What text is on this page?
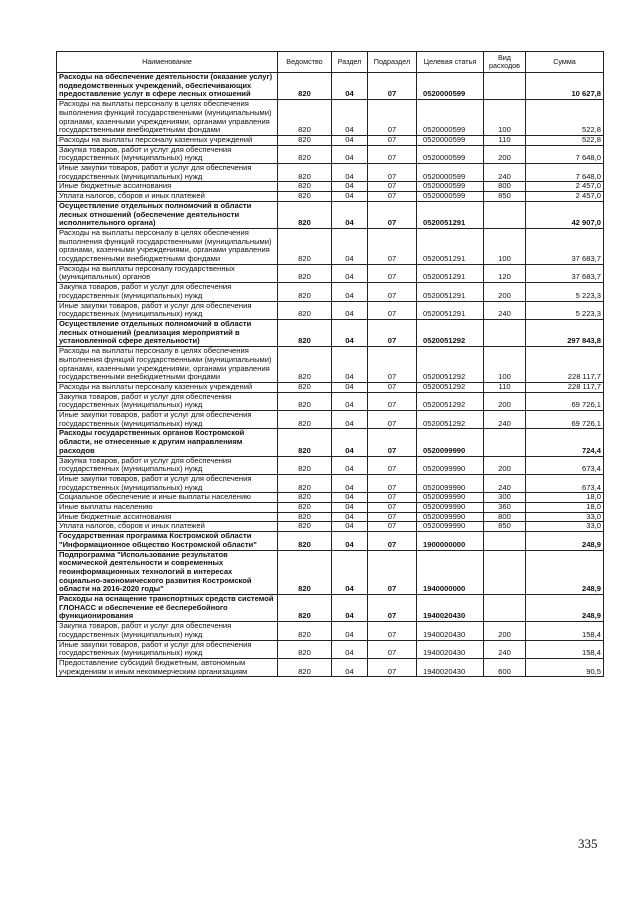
Наименование	Ведомство	Раздел	Подраздел	Целевая статья	Вид расходов	Сумма
Расходы на обеспечение деятельности (оказание услуг) подведомственных учреждений, обеспечивающих предоставление услуг в сфере лесных отношений	820	04	07	0520000599		10 627,8
Расходы на выплаты персоналу в целях обеспечения выполнения функций государственными (муниципальными) органами, казенными учреждениями, органами управления государственными внебюджетными фондами	820	04	07	0520000599	100	522,8
Расходы на выплаты персоналу казенных учреждений	820	04	07	0520000599	110	522,8
Закупка товаров, работ и услуг для обеспечения государственных (муниципальных) нужд	820	04	07	0520000599	200	7 648,0
Иные закупки товаров, работ и услуг для обеспечения государственных (муниципальных) нужд	820	04	07	0520000599	240	7 648,0
Иные бюджетные ассигнования	820	04	07	0520000599	800	2 457,0
Уплата налогов, сборов и иных платежей	820	04	07	0520000599	850	2 457,0
Осуществление отдельных полномочий в области лесных отношений (обеспечение деятельности исполнительного органа)	820	04	07	0520051291		42 907,0
Расходы на выплаты персоналу в целях обеспечения выполнения функций государственными (муниципальными) органами, казенными учреждениями, органами управления государственными внебюджетными фондами	820	04	07	0520051291	100	37 683,7
Расходы на выплаты персоналу государственных (муниципальных) органов	820	04	07	0520051291	120	37 683,7
Закупка товаров, работ и услуг для обеспечения государственных (муниципальных) нужд	820	04	07	0520051291	200	5 223,3
Иные закупки товаров, работ и услуг для обеспечения государственных (муниципальных) нужд	820	04	07	0520051291	240	5 223,3
Осуществление отдельных полномочий в области лесных отношений (реализация мероприятий в установленной сфере деятельности)	820	04	07	0520051292		297 843,8
Расходы на выплаты персоналу в целях обеспечения выполнения функций государственными (муниципальными) органами, казенными учреждениями, органами управления государственными внебюджетными фондами	820	04	07	0520051292	100	228 117,7
Расходы на выплаты персоналу казенных учреждений	820	04	07	0520051292	110	228 117,7
Закупка товаров, работ и услуг для обеспечения государственных (муниципальных) нужд	820	04	07	0520051292	200	69 726,1
Иные закупки товаров, работ и услуг для обеспечения государственных (муниципальных) нужд	820	04	07	0520051292	240	69 726,1
Расходы государственных органов Костромской области, не отнесенные к другим направлениям расходов	820	04	07	0520099990		724,4
Закупка товаров, работ и услуг для обеспечения государственных (муниципальных) нужд	820	04	07	0520099990	200	673,4
Иные закупки товаров, работ и услуг для обеспечения государственных (муниципальных) нужд	820	04	07	0520099990	240	673,4
Социальное обеспечение и иные выплаты населению	820	04	07	0520099990	300	18,0
Иные выплаты населению	820	04	07	0520099990	360	18,0
Иные бюджетные ассигнования	820	04	07	0520099990	800	33,0
Уплата налогов, сборов и иных платежей	820	04	07	0520099990	850	33,0
Государственная программа Костромской области "Информационное общество Костромской области"	820	04	07	1900000000		248,9
Подпрограмма "Использование результатов космической деятельности и современных геоинформационных технологий в интересах социально-экономического развития Костромской области на 2016-2020 годы"	820	04	07	1940000000		248,9
Расходы на оснащение транспортных средств системой ГЛОНАСС и обеспечение её бесперебойного функционирования	820	04	07	1940020430		248,9
Закупка товаров, работ и услуг для обеспечения государственных (муниципальных) нужд	820	04	07	1940020430	200	158,4
Иные закупки товаров, работ и услуг для обеспечения государственных (муниципальных) нужд	820	04	07	1940020430	240	158,4
Предоставление субсидий бюджетным, автономным учреждениям и иным некоммерческим организациям	820	04	07	1940020430	600	90,5
335
